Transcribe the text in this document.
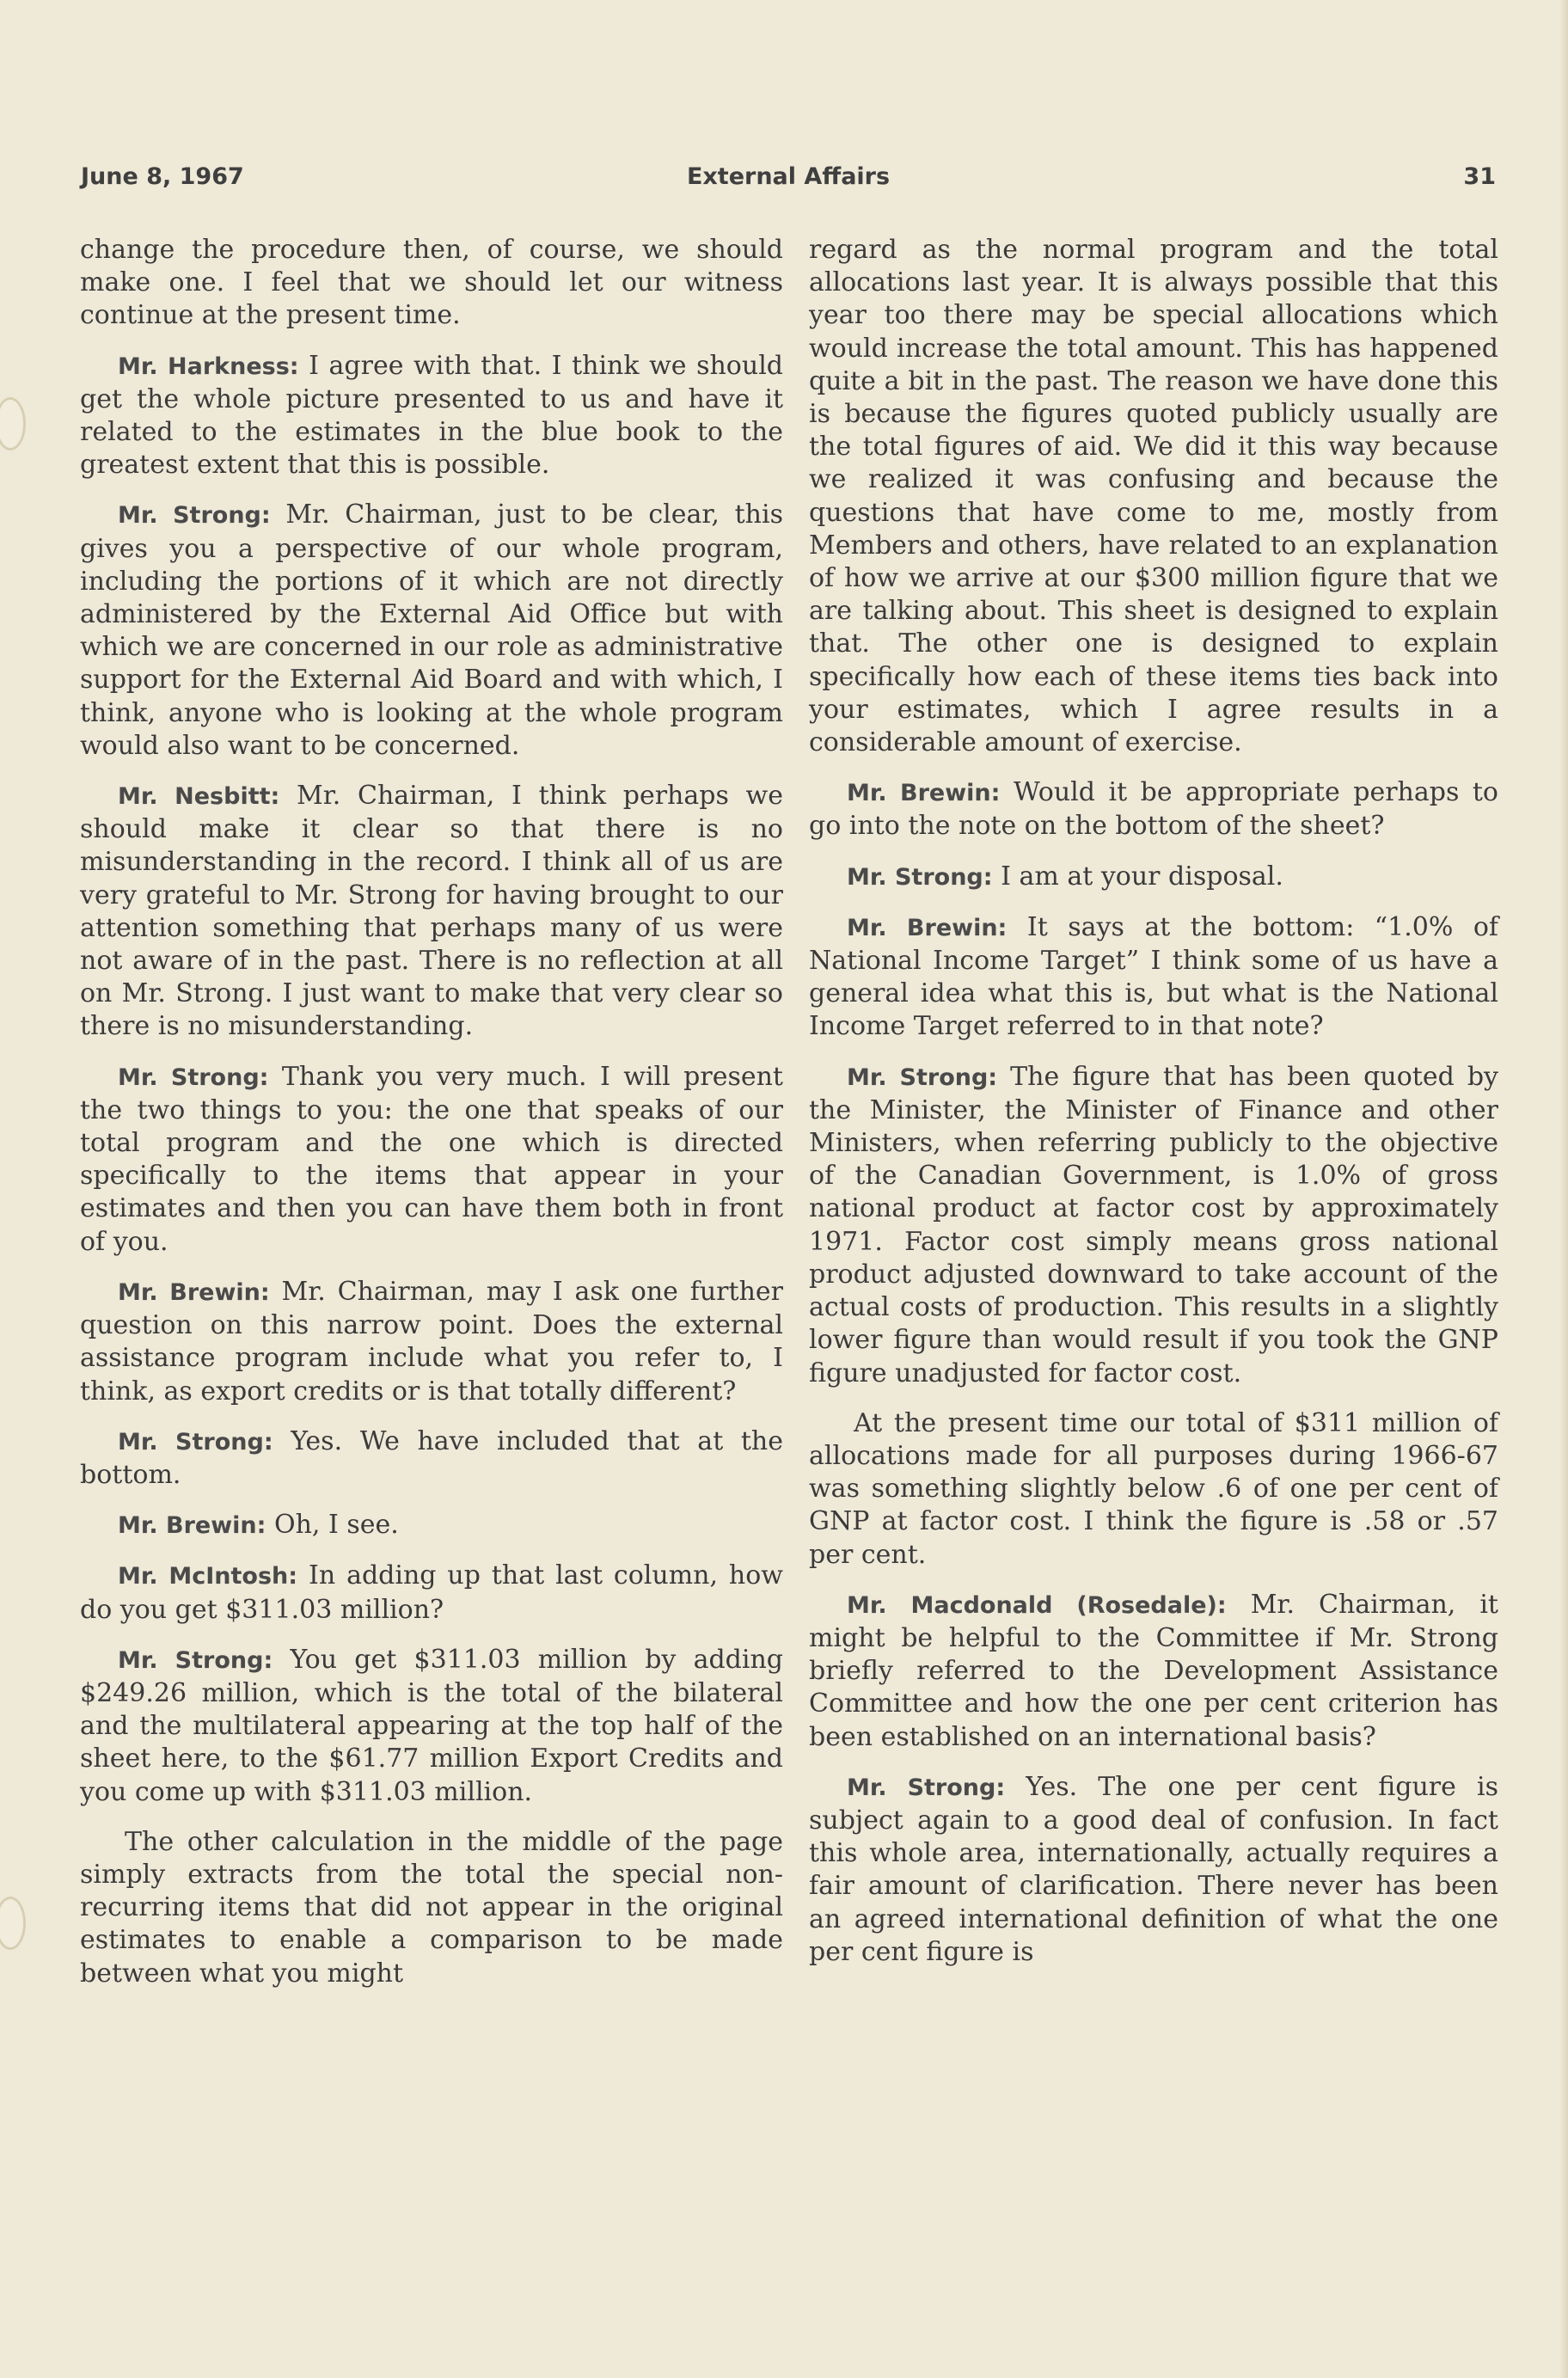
June 8, 1967	External Affairs	31

change the procedure then, of course, we should make one. I feel that we should let our witness continue at the present time.

Mr. Harkness: I agree with that. I think we should get the whole picture presented to us and have it related to the estimates in the blue book to the greatest extent that this is possible.

Mr. Strong: Mr. Chairman, just to be clear, this gives you a perspective of our whole program, including the portions of it which are not directly administered by the External Aid Office but with which we are concerned in our role as administrative support for the External Aid Board and with which, I think, anyone who is looking at the whole program would also want to be concerned.

Mr. Nesbitt: Mr. Chairman, I think perhaps we should make it clear so that there is no misunderstanding in the record. I think all of us are very grateful to Mr. Strong for having brought to our attention something that perhaps many of us were not aware of in the past. There is no reflection at all on Mr. Strong. I just want to make that very clear so there is no misunderstanding.

Mr. Strong: Thank you very much. I will present the two things to you: the one that speaks of our total program and the one which is directed specifically to the items that appear in your estimates and then you can have them both in front of you.

Mr. Brewin: Mr. Chairman, may I ask one further question on this narrow point. Does the external assistance program include what you refer to, I think, as export credits or is that totally different?

Mr. Strong: Yes. We have included that at the bottom.

Mr. Brewin: Oh, I see.

Mr. McIntosh: In adding up that last column, how do you get $311.03 million?

Mr. Strong: You get $311.03 million by adding $249.26 million, which is the total of the bilateral and the multilateral appearing at the top half of the sheet here, to the $61.77 million Export Credits and you come up with $311.03 million.

The other calculation in the middle of the page simply extracts from the total the special non-recurring items that did not appear in the original estimates to enable a comparison to be made between what you might

regard as the normal program and the total allocations last year. It is always possible that this year too there may be special allocations which would increase the total amount. This has happened quite a bit in the past. The reason we have done this is because the figures quoted publicly usually are the total figures of aid. We did it this way because we realized it was confusing and because the questions that have come to me, mostly from Members and others, have related to an explanation of how we arrive at our $300 million figure that we are talking about. This sheet is designed to explain that. The other one is designed to explain specifically how each of these items ties back into your estimates, which I agree results in a considerable amount of exercise.

Mr. Brewin: Would it be appropriate perhaps to go into the note on the bottom of the sheet?

Mr. Strong: I am at your disposal.

Mr. Brewin: It says at the bottom: “1.0% of National Income Target” I think some of us have a general idea what this is, but what is the National Income Target referred to in that note?

Mr. Strong: The figure that has been quoted by the Minister, the Minister of Finance and other Ministers, when referring publicly to the objective of the Canadian Government, is 1.0% of gross national product at factor cost by approximately 1971. Factor cost simply means gross national product adjusted downward to take account of the actual costs of production. This results in a slightly lower figure than would result if you took the GNP figure unadjusted for factor cost.

At the present time our total of $311 million of allocations made for all purposes during 1966-67 was something slightly below .6 of one per cent of GNP at factor cost. I think the figure is .58 or .57 per cent.

Mr. Macdonald (Rosedale): Mr. Chairman, it might be helpful to the Committee if Mr. Strong briefly referred to the Development Assistance Committee and how the one per cent criterion has been established on an international basis?

Mr. Strong: Yes. The one per cent figure is subject again to a good deal of confusion. In fact this whole area, internationally, actually requires a fair amount of clarification. There never has been an agreed international definition of what the one per cent figure is
